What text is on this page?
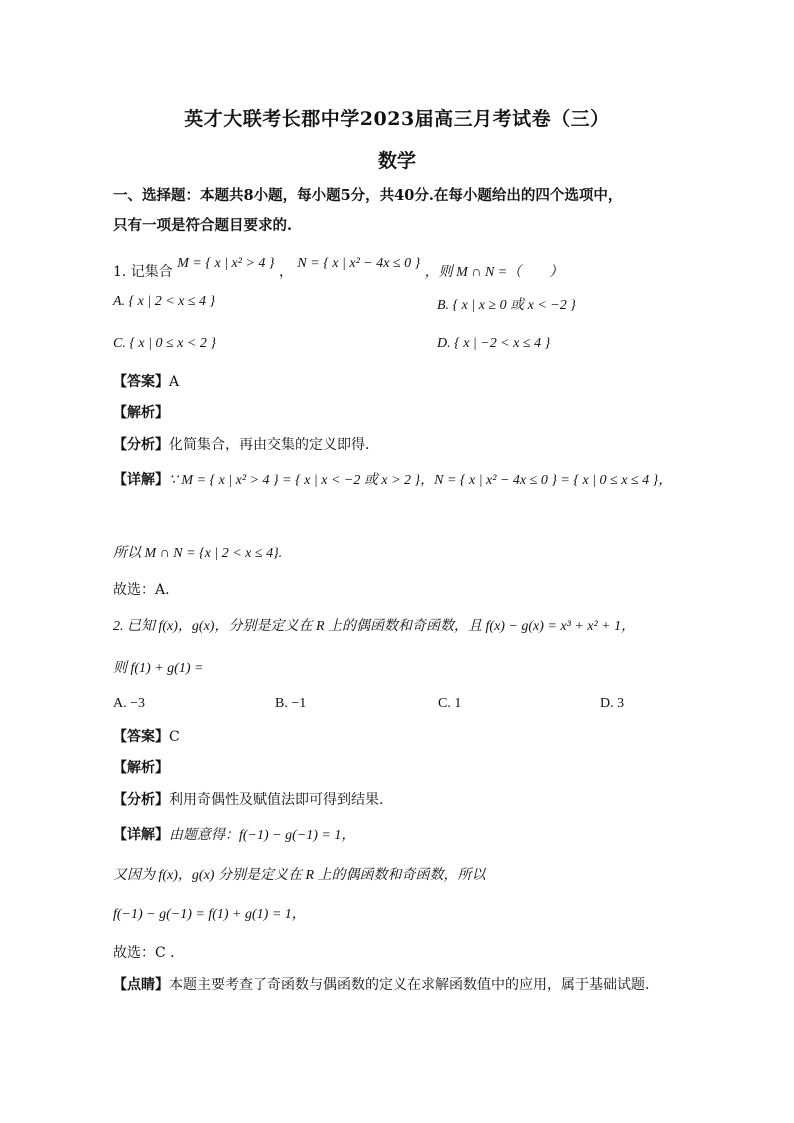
英才大联考长郡中学2023届高三月考试卷（三）
数学
一、选择题：本题共8小题，每小题5分，共40分.在每小题给出的四个选项中，
只有一项是符合题目要求的.
1. 记集合 M = { x | x² > 4 } ， N = { x | x² − 4x ≤ 0 } ，则 M ∩ N =（　　）
A. { x | 2 < x ≤ 4 }	B. { x | x ≥ 0 或 x < −2 }
C. { x | 0 ≤ x < 2 }	D. { x | −2 < x ≤ 4 }
【答案】A
【解析】
【分析】化简集合，再由交集的定义即得.
【详解】∵ M = { x | x² > 4 } = { x | x < −2 或 x > 2 }，N = { x | x² − 4x ≤ 0 } = { x | 0 ≤ x ≤ 4 }，
所以 M ∩ N = {x | 2 < x ≤ 4}.
故选：A.
2. 已知 f(x)，g(x)，分别是定义在 R 上的偶函数和奇函数，且 f(x) − g(x) = x³ + x² + 1，
则 f(1) + g(1) =
A. −3	B. −1	C. 1	D. 3
【答案】C
【解析】
【分析】利用奇偶性及赋值法即可得到结果.
【详解】由题意得：f(−1) − g(−1) = 1，
又因为 f(x)，g(x) 分别是定义在 R 上的偶函数和奇函数，所以
f(−1) − g(−1) = f(1) + g(1) = 1，
故选：C .
【点睛】本题主要考查了奇函数与偶函数的定义在求解函数值中的应用，属于基础试题.
